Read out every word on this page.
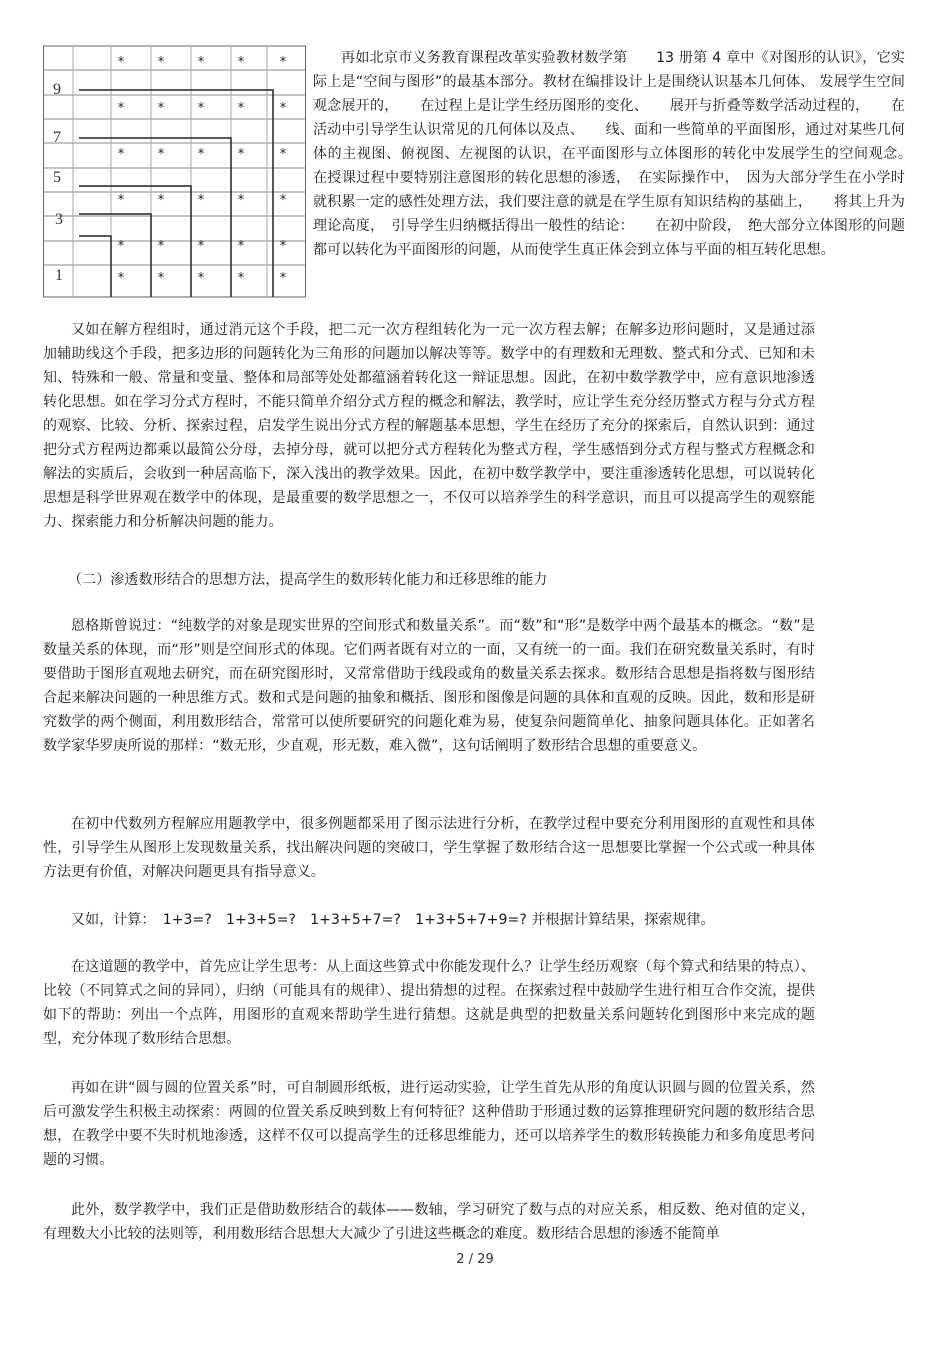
9
7
5
3
1
*	*	*	*	*
*	*	*	*	*
*	*	*	*	*
*	*	*	*	*
*	*	*	*	*
*	*	*	*	*

再如北京市义务教育课程改革实验教材数学第　　13 册第 4 章中《对图形的认识》，它实际上是“空间与图形”的最基本部分。教材在编排设计上是围绕认识基本几何体、 发展学生空间观念展开的，　　在过程上是让学生经历图形的变化、　　展开与折叠等数学活动过程的，　　在活动中引导学生认识常见的几何体以及点、　　线、面和一些简单的平面图形，通过对某些几何体的主视图、俯视图、左视图的认识，在平面图形与立体图形的转化中发展学生的空间观念。　　在授课过程中要特别注意图形的转化思想的渗透，　在实际操作中，　因为大部分学生在小学时就积累一定的感性处理方法，我们要注意的就是在学生原有知识结构的基础上，　　将其上升为理论高度，　引导学生归纳概括得出一般性的结论：　　在初中阶段，　绝大部分立体图形的问题都可以转化为平面图形的问题，从而使学生真正体会到立体与平面的相互转化思想。

又如在解方程组时，通过消元这个手段，把二元一次方程组转化为一元一次方程去解；在解多边形问题时，又是通过添加辅助线这个手段，把多边形的问题转化为三角形的问题加以解决等等。数学中的有理数和无理数、整式和分式、已知和未知、特殊和一般、常量和变量、整体和局部等处处都蕴涵着转化这一辩证思想。因此，在初中数学教学中，应有意识地渗透转化思想。如在学习分式方程时，不能只简单介绍分式方程的概念和解法，教学时，应让学生充分经历整式方程与分式方程的观察、比较、分析、探索过程，启发学生说出分式方程的解题基本思想，学生在经历了充分的探索后，自然认识到：通过把分式方程两边都乘以最简公分母，去掉分母，就可以把分式方程转化为整式方程，学生感悟到分式方程与整式方程概念和解法的实质后，会收到一种居高临下，深入浅出的教学效果。因此，在初中数学教学中，要注重渗透转化思想，可以说转化思想是科学世界观在数学中的体现，是最重要的数学思想之一，不仅可以培养学生的科学意识，而且可以提高学生的观察能力、探索能力和分析解决问题的能力。

（二）渗透数形结合的思想方法，提高学生的数形转化能力和迁移思维的能力

恩格斯曾说过：“纯数学的对象是现实世界的空间形式和数量关系”。而“数”和“形”是数学中两个最基本的概念。“数”是数量关系的体现，而“形”则是空间形式的体现。它们两者既有对立的一面，又有统一的一面。我们在研究数量关系时，有时要借助于图形直观地去研究，而在研究图形时，又常常借助于线段或角的数量关系去探求。数形结合思想是指将数与图形结合起来解决问题的一种思维方式。数和式是问题的抽象和概括、图形和图像是问题的具体和直观的反映。因此，数和形是研究数学的两个侧面，利用数形结合，常常可以使所要研究的问题化难为易，使复杂问题简单化、抽象问题具体化。正如著名数学家华罗庚所说的那样：“数无形，少直观，形无数，难入微”，这句话阐明了数形结合思想的重要意义。

在初中代数列方程解应用题教学中，很多例题都采用了图示法进行分析，在教学过程中要充分利用图形的直观性和具体性，引导学生从图形上发现数量关系，找出解决问题的突破口，学生掌握了数形结合这一思想要比掌握一个公式或一种具体方法更有价值，对解决问题更具有指导意义。

又如，计算：　1+3=?　1+3+5=?　1+3+5+7=?　1+3+5+7+9=? 并根据计算结果，探索规律。

在这道题的教学中，首先应让学生思考：从上面这些算式中你能发现什么？让学生经历观察（每个算式和结果的特点）、比较（不同算式之间的异同），归纳（可能具有的规律）、提出猜想的过程。在探索过程中鼓励学生进行相互合作交流，提供如下的帮助：列出一个点阵，用图形的直观来帮助学生进行猜想。这就是典型的把数量关系问题转化到图形中来完成的题型，充分体现了数形结合思想。

再如在讲“圆与圆的位置关系”时，可自制圆形纸板，进行运动实验，让学生首先从形的角度认识圆与圆的位置关系，然后可激发学生积极主动探索：两圆的位置关系反映到数上有何特征？这种借助于形通过数的运算推理研究问题的数形结合思想，在教学中要不失时机地渗透，这样不仅可以提高学生的迁移思维能力，还可以培养学生的数形转换能力和多角度思考问题的习惯。

此外，数学教学中，我们正是借助数形结合的载体——数轴，学习研究了数与点的对应关系，相反数、绝对值的定义，有理数大小比较的法则等，利用数形结合思想大大减少了引进这些概念的难度。数形结合思想的渗透不能简单

2 / 29
